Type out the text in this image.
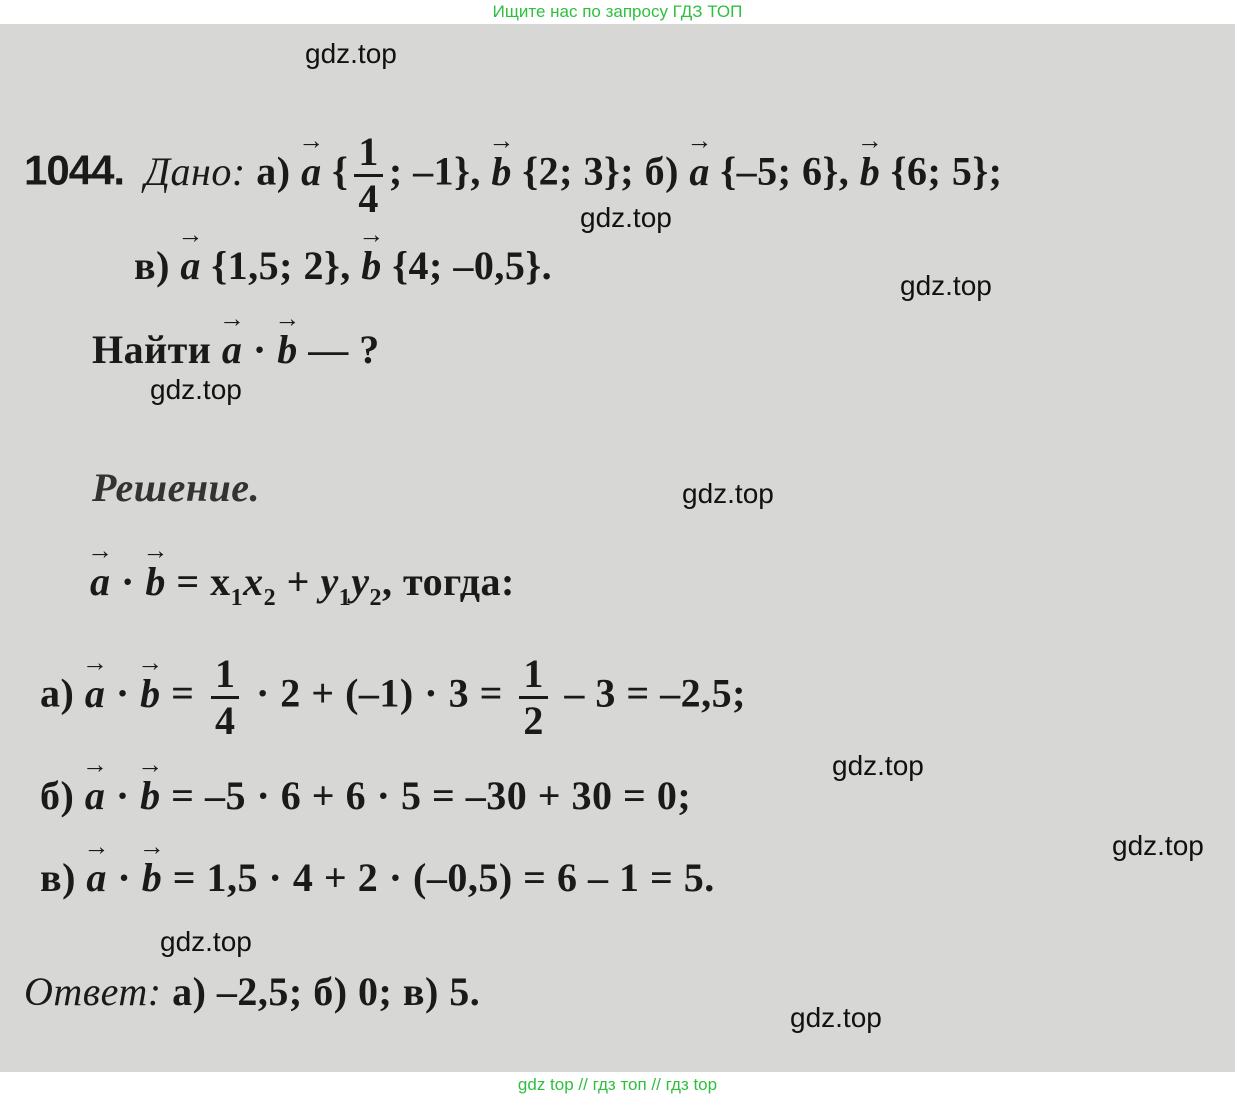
Ищите нас по запросу ГДЗ ТОП
1044. Дано: а) → a { $\frac{1}{4}$ ; –1}, → b {2; 3}; б) → a {–5; 6}, → b {6; 5};
в) → a {1,5; 2}, → b {4; –0,5}.
Найти → a · → b — ?
Решение.
→ a · → $b = x_1x_2 + y_1y_2$, тогда:
а) → a · → $b = \frac{1}{4} \cdot 2 + (-1) \cdot 3 = \frac{1}{2} - 3 = -2,5$;
б) → a · → b = –5 · 6 + 6 · 5 = –30 + 30 = 0;
в) → a · → b = 1,5 · 4 + 2 · (–0,5) = 6 – 1 = 5.
Ответ: а) –2,5; б) 0; в) 5.
gdz.top
gdz.top
gdz.top
gdz.top
gdz.top
gdz.top
gdz.top
gdz.top
gdz.top
gdz top // гдз топ // гдз top
